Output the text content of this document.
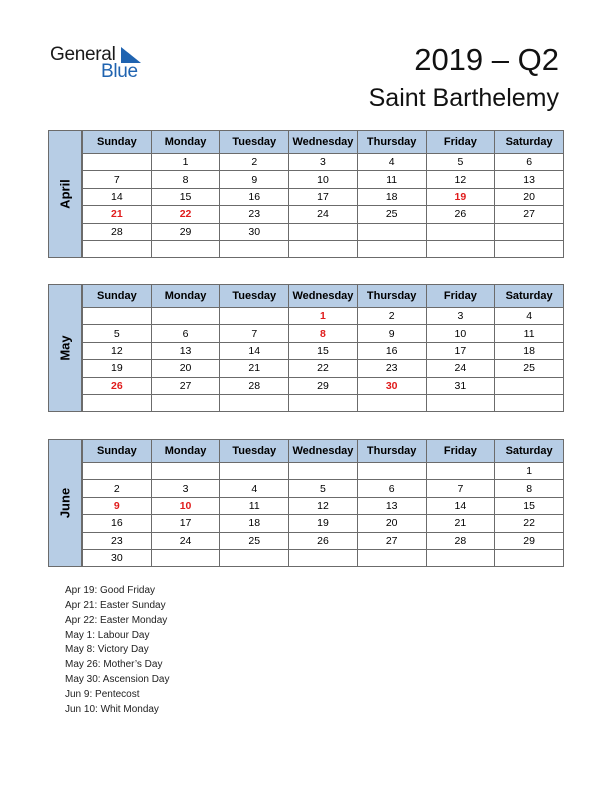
General
Blue	2019 – Q2
Saint Barthelemy
April
Sunday	Monday	Tuesday	Wednesday	Thursday	Friday	Saturday
	1	2	3	4	5	6
7	8	9	10	11	12	13
14	15	16	17	18	19	20
21	22	23	24	25	26	27
28	29	30				

May
Sunday	Monday	Tuesday	Wednesday	Thursday	Friday	Saturday
			1	2	3	4
5	6	7	8	9	10	11
12	13	14	15	16	17	18
19	20	21	22	23	24	25
26	27	28	29	30	31	

June
Sunday	Monday	Tuesday	Wednesday	Thursday	Friday	Saturday
						1
2	3	4	5	6	7	8
9	10	11	12	13	14	15
16	17	18	19	20	21	22
23	24	25	26	27	28	29
30						
Apr 19: Good Friday
Apr 21: Easter Sunday
Apr 22: Easter Monday
May 1: Labour Day
May 8: Victory Day
May 26: Mother’s Day
May 30: Ascension Day
Jun 9: Pentecost
Jun 10: Whit Monday
